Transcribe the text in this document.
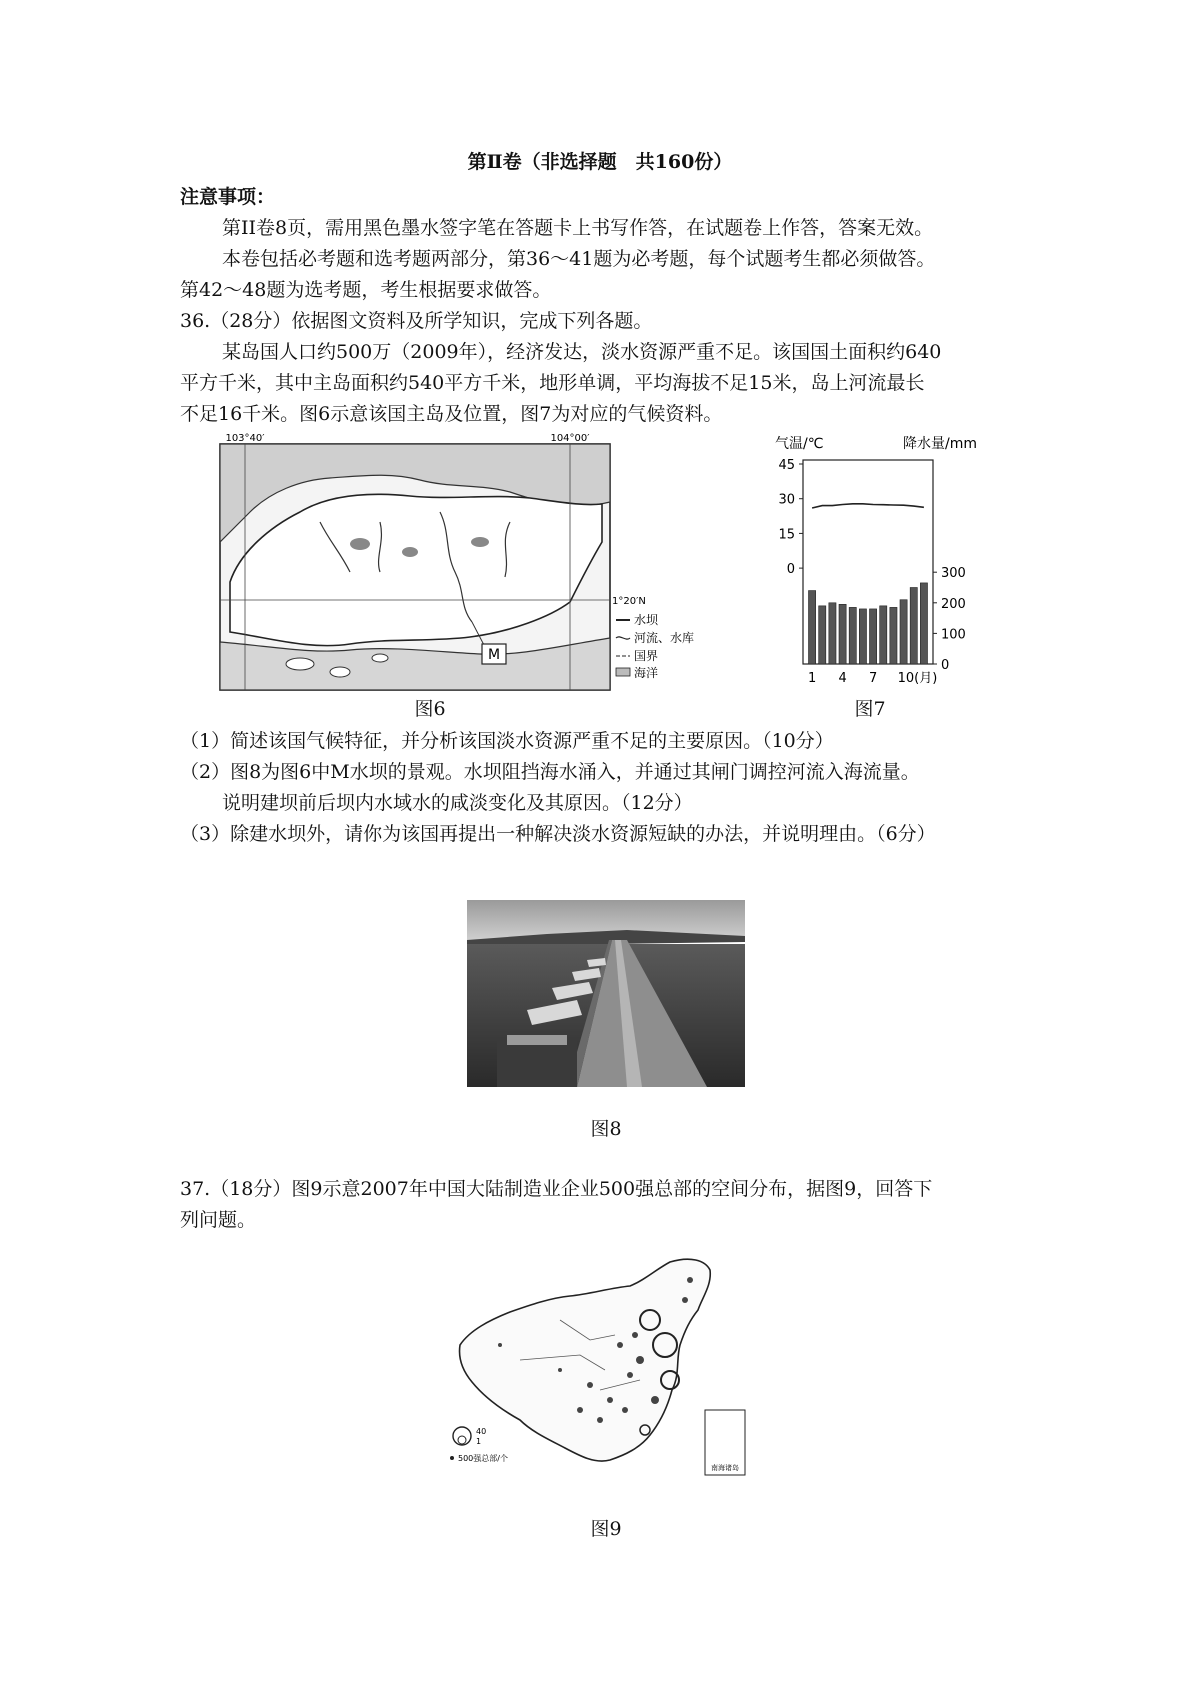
第Ⅱ卷（非选择题　共160份）
注意事项：
第II卷8页，需用黑色墨水签字笔在答题卡上书写作答，在试题卷上作答，答案无效。
本卷包括必考题和选考题两部分，第36～41题为必考题，每个试题考生都必须做答。
第42～48题为选考题，考生根据要求做答。
36.（28分）依据图文资料及所学知识，完成下列各题。
某岛国人口约500万（2009年），经济发达，淡水资源严重不足。该国国土面积约640
平方千米，其中主岛面积约540平方千米，地形单调，平均海拔不足15米，岛上河流最长
不足16千米。图6示意该国主岛及位置，图7为对应的气候资料。
M
103°40′	104°00′
1°20′N
水坝
河流、水库
国界
海洋
图6
气温/℃	降水量/mm
45
30
15
0	300
200
100
0
1 4 7 10(月)
图7
（1）简述该国气候特征，并分析该国淡水资源严重不足的主要原因。（10分）
（2）图8为图6中M水坝的景观。水坝阻挡海水涌入，并通过其闸门调控河流入海流量。
说明建坝前后坝内水域水的咸淡变化及其原因。（12分）
（3）除建水坝外，请你为该国再提出一种解决淡水资源短缺的办法，并说明理由。（6分）
图8
37.（18分）图9示意2007年中国大陆制造业企业500强总部的空间分布，据图9，回答下
列问题。
南海诸岛
40
1
500强总部/个
图9
